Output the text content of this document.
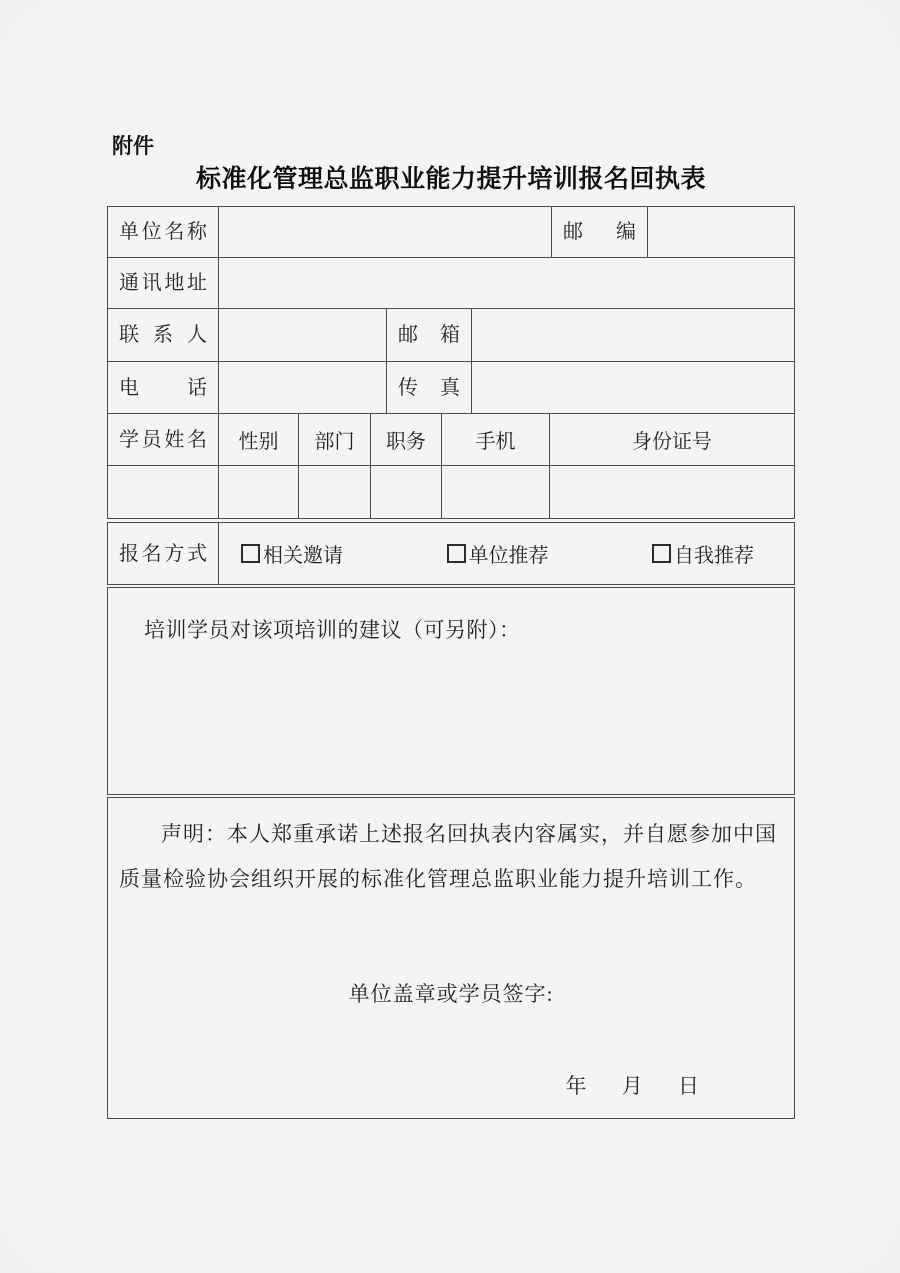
附件
标准化管理总监职业能力提升培训报名回执表
单位名称	邮编
通讯地址
联系人	邮箱
电话	传真
学员姓名	性别 部门 职务 手机	身份证号
报名方式	相关邀请	单位推荐	自我推荐
培训学员对该项培训的建议（可另附）：
声明：本人郑重承诺上述报名回执表内容属实，并自愿参加中国质量检验协会组织开展的标准化管理总监职业能力提升培训工作。
单位盖章或学员签字:
年 月 日
